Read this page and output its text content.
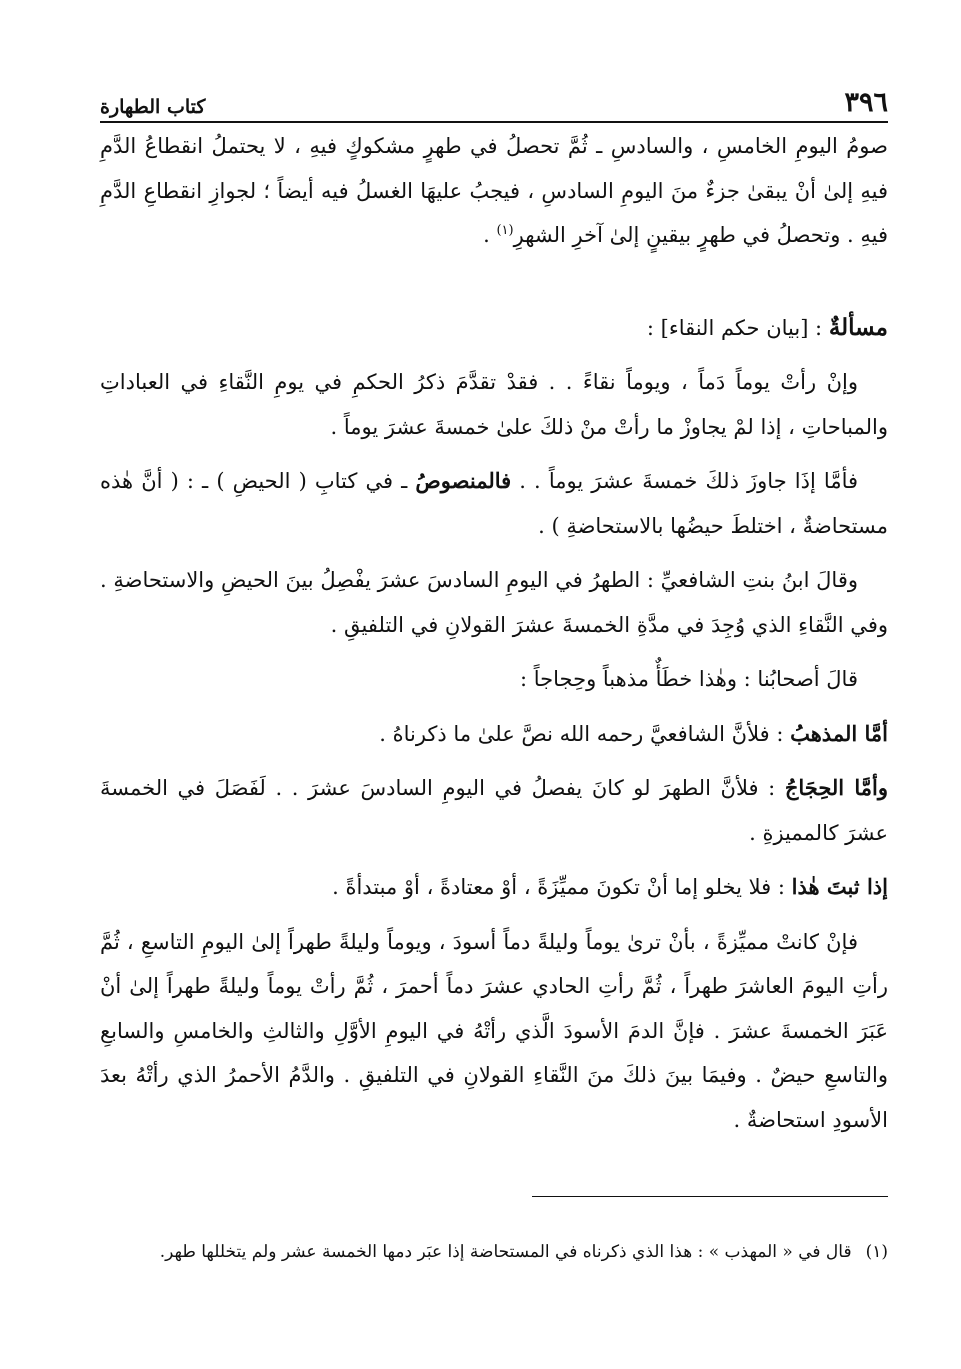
٣٩٦
كتاب الطهارة

صومُ اليومِ الخامسِ ، والسادسِ ـ ثُمَّ تحصلُ في طهرٍ مشكوكٍ فيهِ ، لا يحتملُ انقطاعُ الدَّمِ فيهِ إلىٰ أنْ يبقىٰ جزءٌ منَ اليومِ السادسِ ، فيجبُ عليهَا الغسلُ فيه أيضاً ؛ لجوازِ انقطاعِ الدَّمِ فيهِ . وتحصلُ في طهرٍ بيقينٍ إلىٰ آخرِ الشهرِ$^{(١)}$ .

مسألةٌ : [بيان حكم النقاء] :

وإنْ رأتْ يوماً دَماً ، ويوماً نقاءً . . فقدْ تقدَّمَ ذكرُ الحكمِ في يومِ النَّقاءِ في العباداتِ والمباحاتِ ، إذا لمْ يجاوزْ ما رأتْ منْ ذلكَ علىٰ خمسةَ عشرَ يوماً .

فأمَّا إذَا جاوزَ ذلكَ خمسةَ عشرَ يوماً . . فالمنصوصُ ـ في كتابِ ( الحيضِ ) ـ : ( أنَّ هٰذه مستحاضةٌ ، اختلطَ حيضُها بالاستحاضةِ ) .

وقالَ ابنُ بنتِ الشافعيِّ : الطهرُ في اليومِ السادسَ عشرَ يفْصِلُ بينَ الحيضِ والاستحاضةِ . وفي النَّقاءِ الذي وُجِدَ في مدَّةِ الخمسةَ عشرَ القولانِ في التلفيقِ .

قالَ أصحابُنا : وهٰذا خطَأٌ مذهباً وحِجاجاً :

أمَّا المذهبُ : فلأنَّ الشافعيَّ رحمه الله نصَّ علىٰ ما ذكرناهُ .

وأمَّا الحِجَاجُ : فلأنَّ الطهرَ لو كانَ يفصلُ في اليومِ السادسَ عشرَ . . لَفَصَلَ في الخمسةَ عشرَ كالمميزةِ .

إذا ثبتَ هٰذا : فلا يخلو إما أنْ تكونَ مميِّزَةً ، أوْ معتادةً ، أوْ مبتدأةً .

فإنْ كانتْ مميِّزةً ، بأنْ ترىٰ يوماً وليلةً دماً أسودَ ، ويوماً وليلةً طهراً إلىٰ اليومِ التاسعِ ، ثُمَّ رأتِ اليومَ العاشرَ طهراً ، ثُمَّ رأتِ الحادي عشرَ دماً أحمرَ ، ثُمَّ رأتْ يوماً وليلةً طهراً إلىٰ أنْ عَبَرَ الخمسةَ عشرَ . فإنَّ الدمَ الأسودَ الَّذي رأتْهُ في اليومِ الأوَّلِ والثالثِ والخامسِ والسابعِ والتاسعِ حيضٌ . وفيمَا بينَ ذلكَ منَ النَّقاءِ القولانِ في التلفيقِ . والدَّمُ الأحمرُ الذي رأتْهُ بعدَ الأسودِ استحاضةٌ .

(١)
قال في « المهذب » : هذا الذي ذكرناه في المستحاضة إذا عبَر دمها الخمسة عشر ولم يتخللها طهر.
